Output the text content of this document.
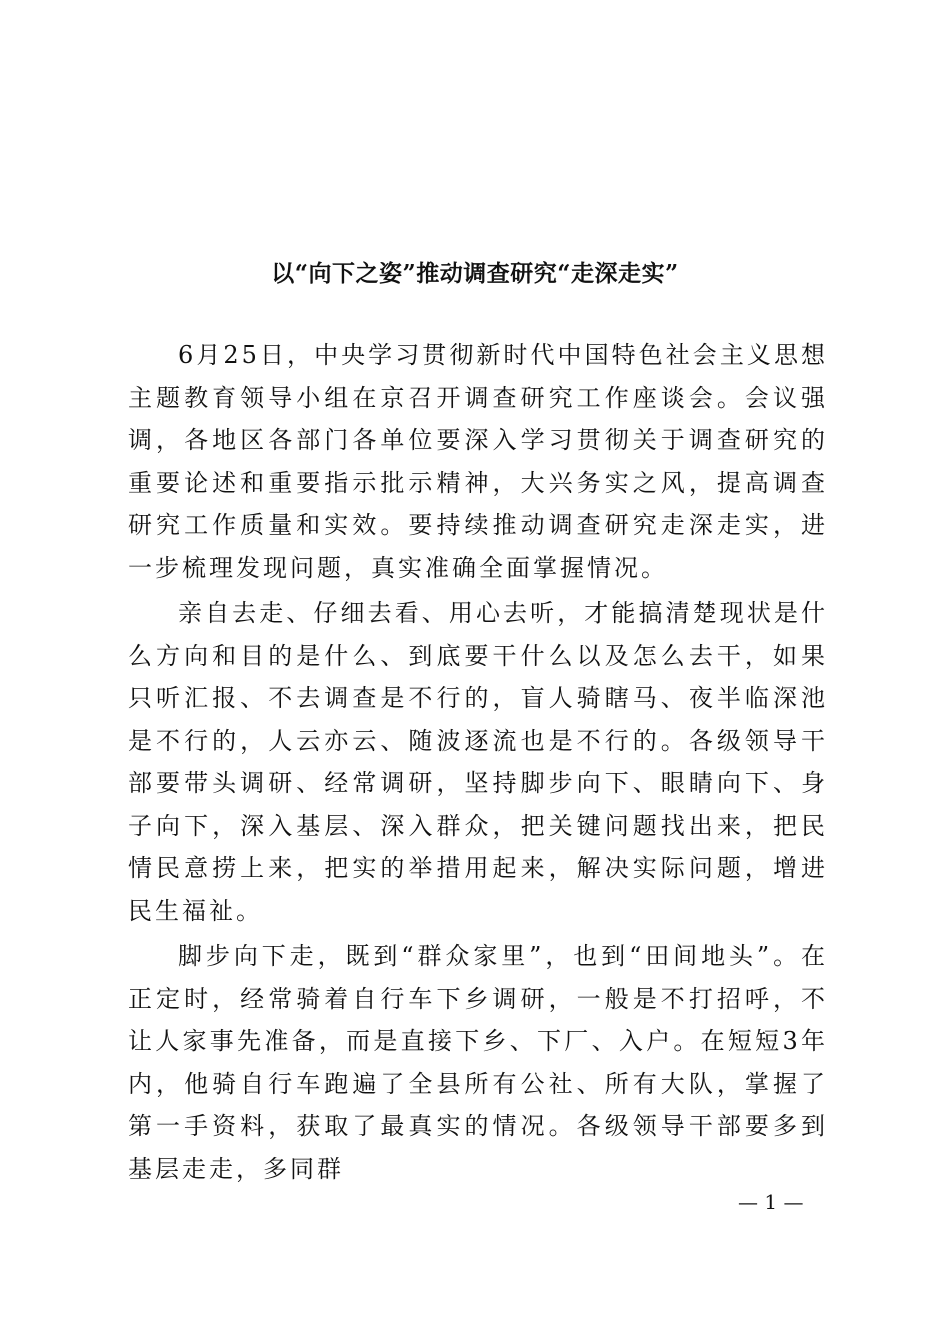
以“向下之姿”推动调查研究“走深走实”

6月25日，中央学习贯彻新时代中国特色社会主义思想主题教育领导小组在京召开调查研究工作座谈会。会议强调，各地区各部门各单位要深入学习贯彻关于调查研究的重要论述和重要指示批示精神，大兴务实之风，提高调查研究工作质量和实效。要持续推动调查研究走深走实，进一步梳理发现问题，真实准确全面掌握情况。

亲自去走、仔细去看、用心去听，才能搞清楚现状是什么方向和目的是什么、到底要干什么以及怎么去干，如果只听汇报、不去调查是不行的，盲人骑瞎马、夜半临深池是不行的，人云亦云、随波逐流也是不行的。各级领导干部要带头调研、经常调研，坚持脚步向下、眼睛向下、身子向下，深入基层、深入群众，把关键问题找出来，把民情民意捞上来，把实的举措用起来，解决实际问题，增进民生福祉。

脚步向下走，既到“群众家里”，也到“田间地头”。在正定时，经常骑着自行车下乡调研，一般是不打招呼，不让人家事先准备，而是直接下乡、下厂、入户。在短短3年内，他骑自行车跑遍了全县所有公社、所有大队，掌握了第一手资料，获取了最真实的情况。各级领导干部要多到基层走走，多同群

— 1 —
